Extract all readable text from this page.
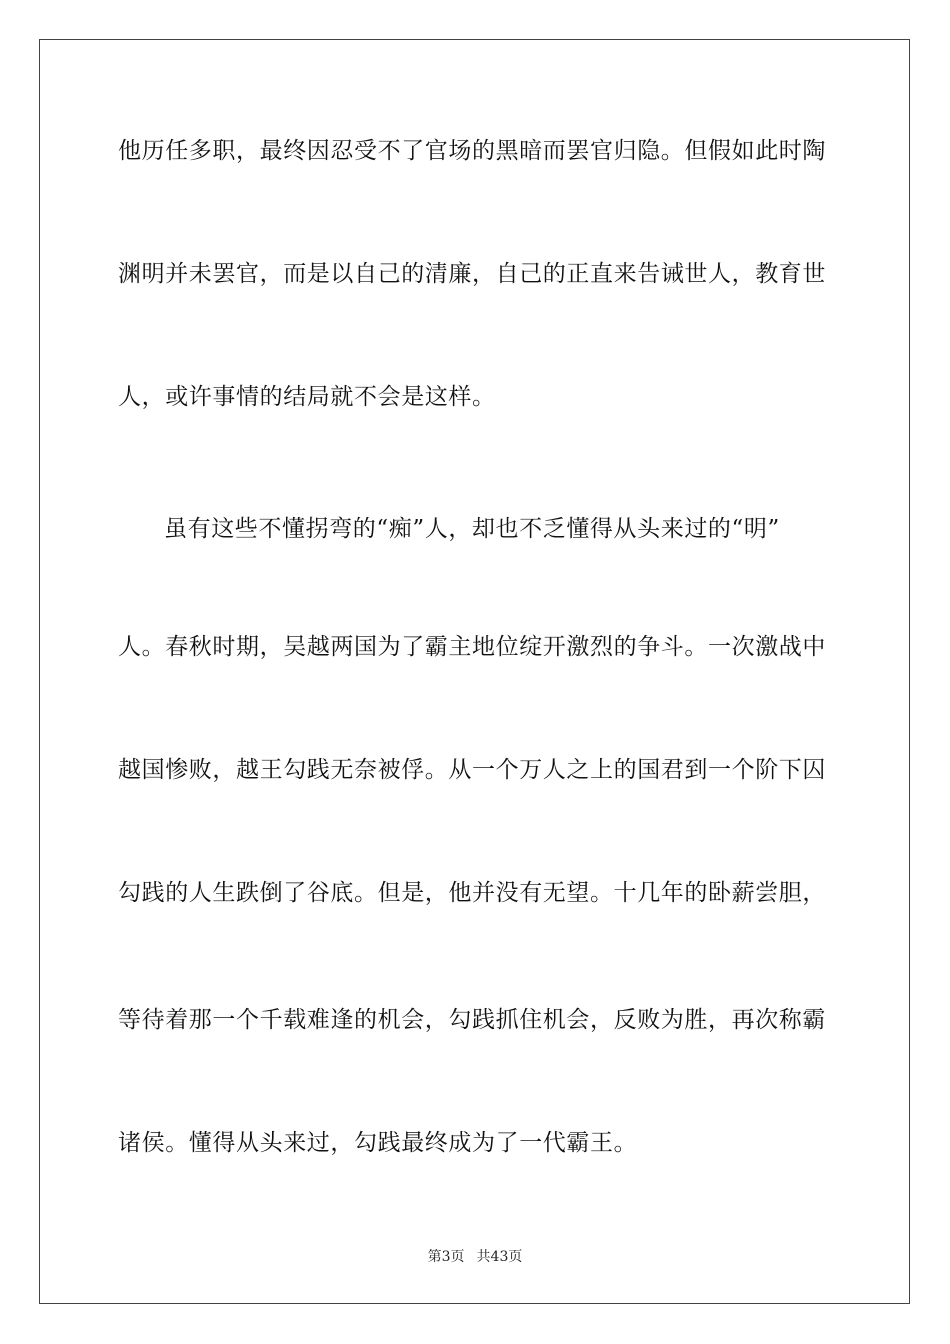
他历任多职，最终因忍受不了官场的黑暗而罢官归隐。但假如此时陶
渊明并未罢官，而是以自己的清廉，自己的正直来告诫世人，教育世
人，或许事情的结局就不会是这样。
虽有这些不懂拐弯的“痴”人，却也不乏懂得从头来过的“明”
人。春秋时期，吴越两国为了霸主地位绽开激烈的争斗。一次激战中
越国惨败，越王勾践无奈被俘。从一个万人之上的国君到一个阶下囚
勾践的人生跌倒了谷底。但是，他并没有无望。十几年的卧薪尝胆，
等待着那一个千载难逢的机会，勾践抓住机会，反败为胜，再次称霸
诸侯。懂得从头来过，勾践最终成为了一代霸王。
第3页 共43页
